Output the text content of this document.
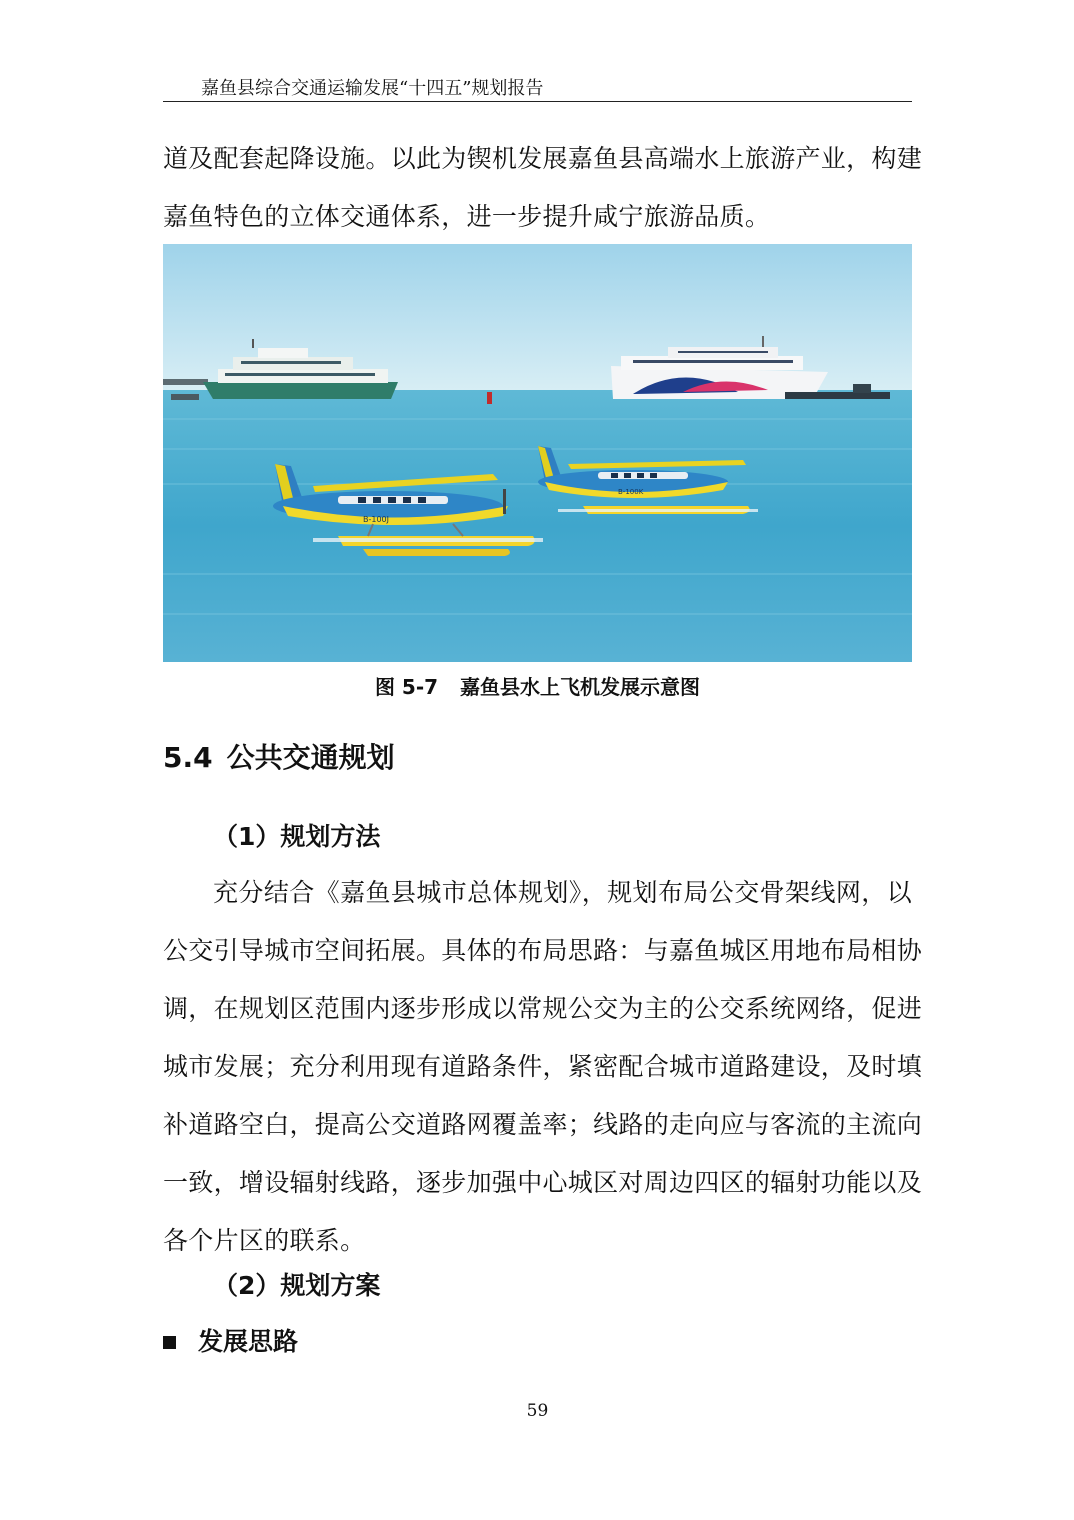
嘉鱼县综合交通运输发展“十四五”规划报告
道及配套起降设施。以此为锲机发展嘉鱼县高端水上旅游产业，构建
嘉鱼特色的立体交通体系，进一步提升咸宁旅游品质。
B-100J
B-100K
图 5-7 嘉鱼县水上飞机发展示意图
5.4 公共交通规划
（1）规划方法
充分结合《嘉鱼县城市总体规划》，规划布局公交骨架线网，以
公交引导城市空间拓展。具体的布局思路：与嘉鱼城区用地布局相协
调，在规划区范围内逐步形成以常规公交为主的公交系统网络，促进
城市发展；充分利用现有道路条件，紧密配合城市道路建设，及时填
补道路空白，提高公交道路网覆盖率；线路的走向应与客流的主流向
一致，增设辐射线路，逐步加强中心城区对周边四区的辐射功能以及
各个片区的联系。
（2）规划方案
发展思路
59
